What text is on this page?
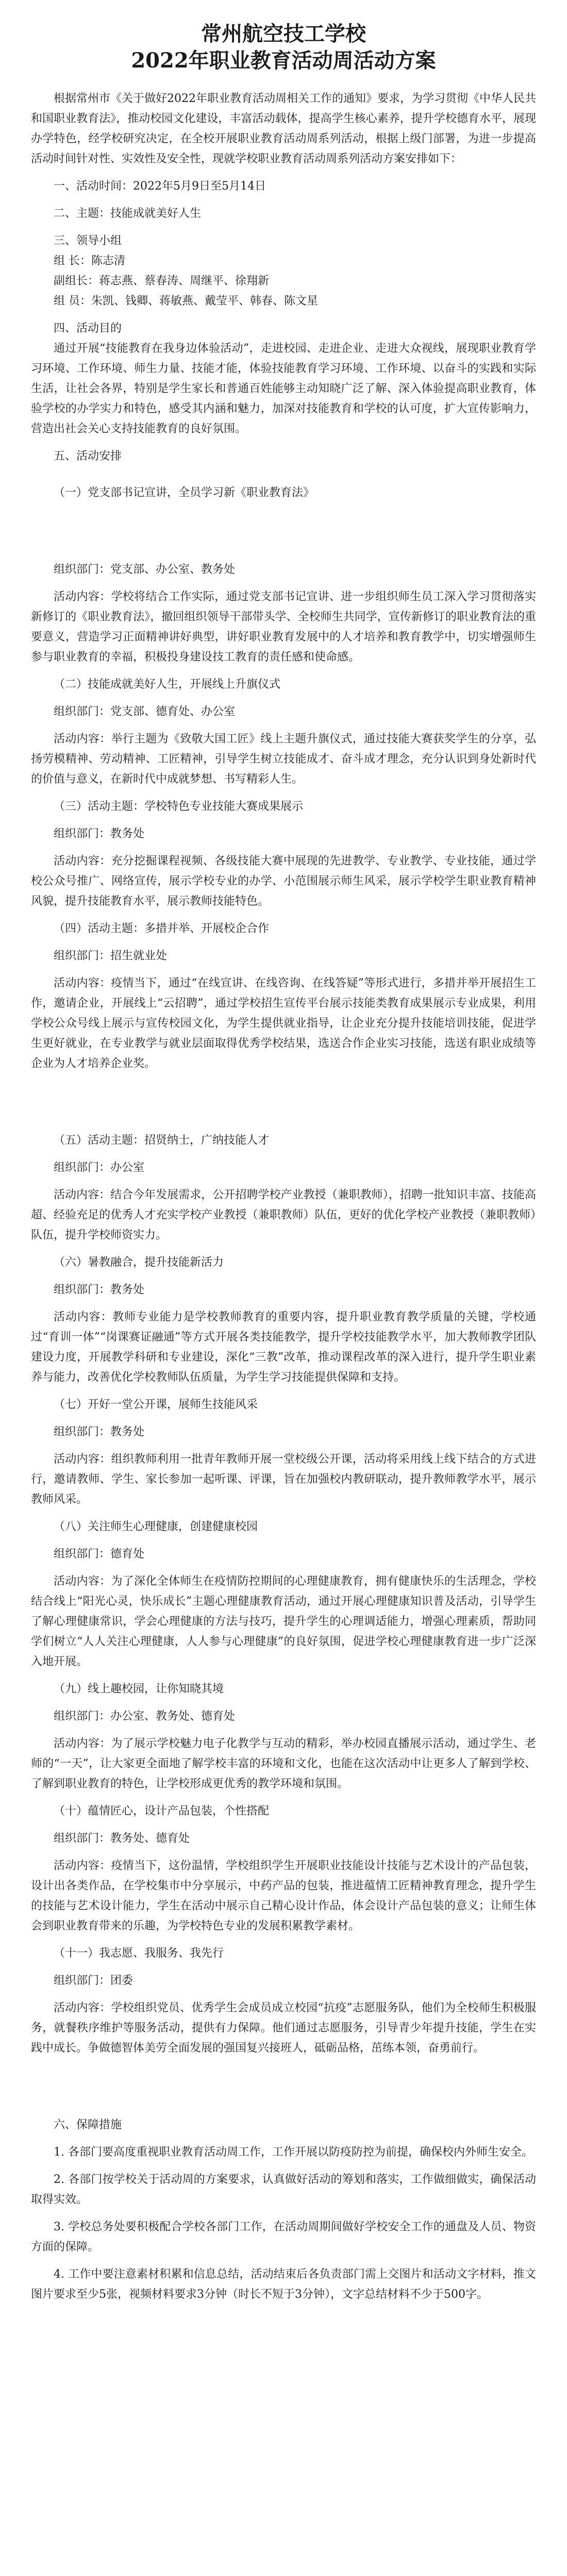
常州航空技工学校
2022年职业教育活动周活动方案

根据常州市《关于做好2022年职业教育活动周相关工作的通知》要求，为学习贯彻《中华人民共和国职业教育法》，推动校园文化建设，丰富活动载体，提高学生核心素养，提升学校德育水平，展现办学特色，经学校研究决定，在全校开展职业教育活动周系列活动，根据上级门部署，为进一步提高活动时间针对性、实效性及安全性，现就学校职业教育活动周系列活动方案安排如下：

一、活动时间：2022年5月9日至5月14日

二、主题：技能成就美好人生

三、领导小组

组 长：陈志清

副组长：蒋志燕、蔡春涛、周继平、徐翔新

组 员：朱凯、钱卿、蒋敏燕、戴莹平、韩春、陈文星

四、活动目的

通过开展“技能教育在我身边体验活动”，走进校园、走进企业、走进大众视线，展现职业教育学习环境、工作环境、师生力量、技能才能，体验技能教育学习环境、工作环境、以奋斗的实践和实际生活，让社会各界，特别是学生家长和普通百姓能够主动知晓广泛了解、深入体验提高职业教育，体验学校的办学实力和特色，感受其内涵和魅力，加深对技能教育和学校的认可度，扩大宣传影响力，营造出社会关心支持技能教育的良好氛围。

五、活动安排

（一）党支部书记宣讲，全员学习新《职业教育法》

组织部门：党支部、办公室、教务处

活动内容：学校将结合工作实际，通过党支部书记宣讲、进一步组织师生员工深入学习贯彻落实新修订的《职业教育法》，撤回组织领导干部带头学、全校师生共同学，宣传新修订的职业教育法的重要意义，营造学习正面精神讲好典型，讲好职业教育发展中的人才培养和教育教学中，切实增强师生参与职业教育的幸福，积极投身建设技工教育的责任感和使命感。

（二）技能成就美好人生，开展线上升旗仪式

组织部门：党支部、德育处、办公室

活动内容：举行主题为《致敬大国工匠》线上主题升旗仪式，通过技能大赛获奖学生的分享，弘扬劳模精神、劳动精神、工匠精神，引导学生树立技能成才、奋斗成才理念，充分认识到身处新时代的价值与意义，在新时代中成就梦想、书写精彩人生。

（三）活动主题：学校特色专业技能大赛成果展示

组织部门：教务处

活动内容：充分挖掘课程视频、各级技能大赛中展现的先进教学、专业教学、专业技能，通过学校公众号推广、网络宣传，展示学校专业的办学、小范围展示师生风采，展示学校学生职业教育精神风貌，提升技能教育水平，展示教师技能特色。

（四）活动主题：多措并举、开展校企合作

组织部门：招生就业处

活动内容：疫情当下，通过“在线宣讲、在线咨询、在线答疑”等形式进行，多措并举开展招生工作，邀请企业，开展线上“云招聘”，通过学校招生宣传平台展示技能类教育成果展示专业成果，利用学校公众号线上展示与宣传校园文化，为学生提供就业指导，让企业充分提升技能培训技能，促进学生更好就业，在专业教学与就业层面取得优秀学校结果，选送合作企业实习技能，选送有职业成绩等企业为人才培养企业奖。

（五）活动主题：招贤纳士，广纳技能人才

组织部门：办公室

活动内容：结合今年发展需求，公开招聘学校产业教授（兼职教师），招聘一批知识丰富、技能高超、经验充足的优秀人才充实学校产业教授（兼职教师）队伍，更好的优化学校产业教授（兼职教师）队伍，提升学校师资实力。

（六）暑教融合，提升技能新活力

组织部门：教务处

活动内容：教师专业能力是学校教师教育的重要内容，提升职业教育教学质量的关键，学校通过“育训一体”“岗课赛证融通”等方式开展各类技能教学，提升学校技能教学水平，加大教师教学团队建设力度，开展教学科研和专业建设，深化“三教”改革，推动课程改革的深入进行，提升学生职业素养与能力，改善优化学校教师队伍质量，为学生学习技能提供保障和支持。

（七）开好一堂公开课，展师生技能风采

组织部门：教务处

活动内容：组织教师利用一批青年教师开展一堂校级公开课，活动将采用线上线下结合的方式进行，邀请教师、学生、家长参加一起听课、评课，旨在加强校内教研联动，提升教师教学水平，展示教师风采。

（八）关注师生心理健康，创建健康校园

组织部门：德育处

活动内容：为了深化全体师生在疫情防控期间的心理健康教育，拥有健康快乐的生活理念，学校结合线上“阳光心灵，快乐成长”主题心理健康教育活动，通过开展心理健康知识普及活动，引导学生了解心理健康常识，学会心理健康的方法与技巧，提升学生的心理调适能力，增强心理素质，帮助同学们树立“人人关注心理健康，人人参与心理健康”的良好氛围，促进学校心理健康教育进一步广泛深入地开展。

（九）线上趣校园，让你知晓其境

组织部门：办公室、教务处、德育处

活动内容：为了展示学校魅力电子化教学与互动的精彩，举办校园直播展示活动，通过学生、老师的“一天”，让大家更全面地了解学校丰富的环境和文化，也能在这次活动中让更多人了解到学校、了解到职业教育的特色，让学校形成更优秀的教学环境和氛围。

（十）蕴情匠心，设计产品包装，个性搭配

组织部门：教务处、德育处

活动内容：疫情当下，这份温情，学校组织学生开展职业技能设计技能与艺术设计的产品包装，设计出各类作品，在学校集市中分享展示，中药产品的包装，推进蕴情工匠精神教育理念，提升学生的技能与艺术设计能力，学生在活动中展示自己精心设计作品，体会设计产品包装的意义；让师生体会到职业教育带来的乐趣，为学校特色专业的发展积累教学素材。

（十一）我志愿、我服务、我先行

组织部门：团委

活动内容：学校组织党员、优秀学生会成员成立校园“抗疫”志愿服务队，他们为全校师生积极服务，就餐秩序维护等服务活动，提供有力保障。他们通过志愿服务，引导青少年提升技能，学生在实践中成长。争做德智体美劳全面发展的强国复兴接班人，砥砺品格，茁练本领，奋勇前行。

六、保障措施

1. 各部门要高度重视职业教育活动周工作，工作开展以防疫防控为前提，确保校内外师生安全。

2. 各部门按学校关于活动周的方案要求，认真做好活动的筹划和落实，工作做细做实，确保活动取得实效。

3. 学校总务处要积极配合学校各部门工作，在活动周期间做好学校安全工作的通盘及人员、物资方面的保障。

4. 工作中要注意素材积累和信息总结，活动结束后各负责部门需上交图片和活动文字材料，推文图片要求至少5张，视频材料要求3分钟（时长不短于3分钟），文字总结材料不少于500字。
